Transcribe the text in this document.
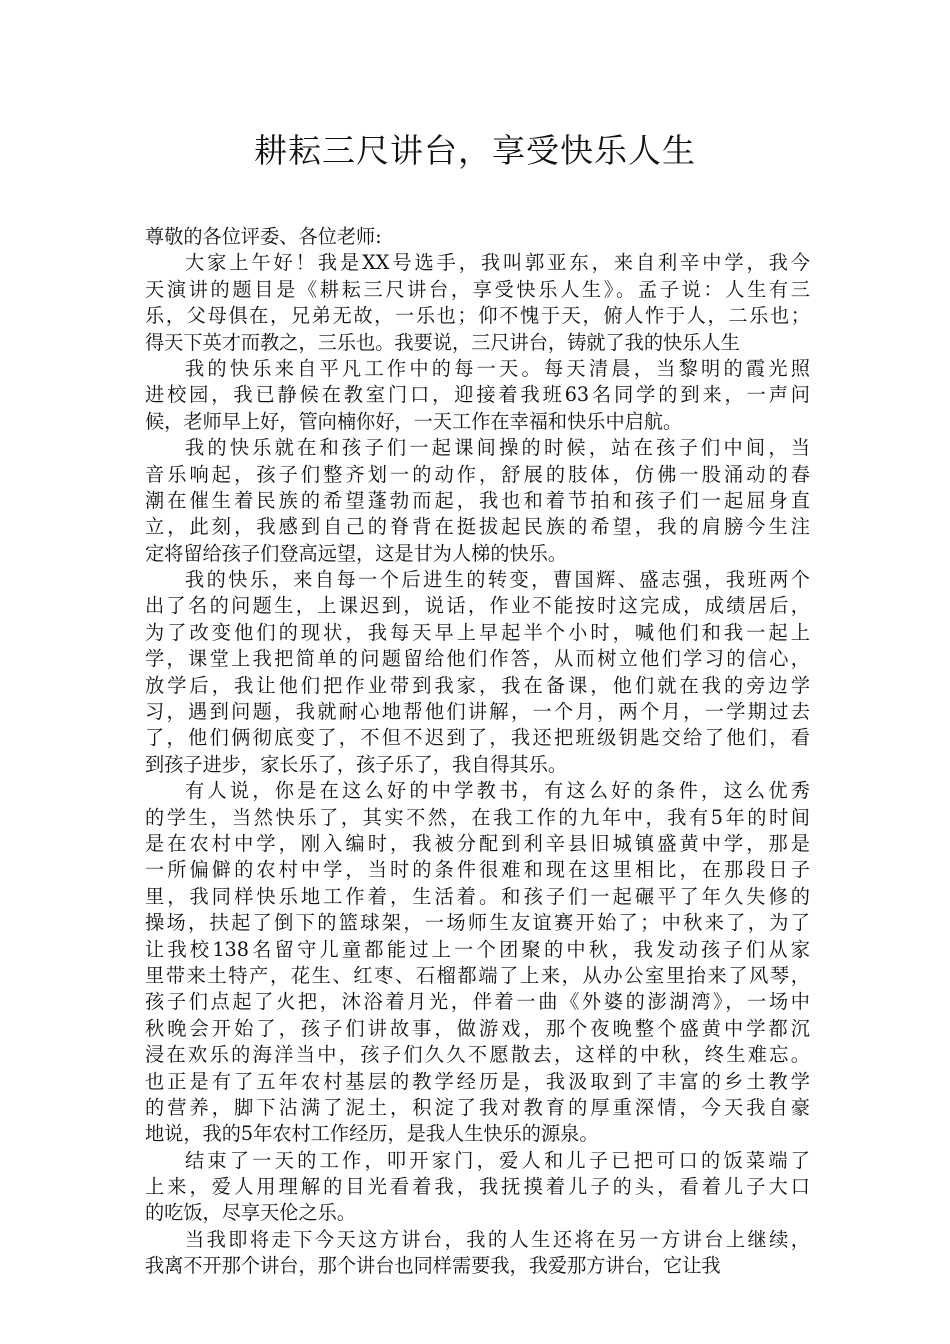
耕耘三尺讲台，享受快乐人生
尊敬的各位评委、各位老师:
大家上午好！我是XX号选手，我叫郭亚东，来自利辛中学，我今
天演讲的题目是《耕耘三尺讲台，享受快乐人生》。孟子说：人生有三
乐，父母俱在，兄弟无故，一乐也；仰不愧于天，俯人怍于人，二乐也；
得天下英才而教之，三乐也。我要说，三尺讲台，铸就了我的快乐人生
我的快乐来自平凡工作中的每一天。每天清晨，当黎明的霞光照
进校园，我已静候在教室门口，迎接着我班63名同学的到来，一声问
候，老师早上好，管向楠你好，一天工作在幸福和快乐中启航。
我的快乐就在和孩子们一起课间操的时候，站在孩子们中间，当
音乐响起，孩子们整齐划一的动作，舒展的肢体，仿佛一股涌动的春
潮在催生着民族的希望蓬勃而起，我也和着节拍和孩子们一起屈身直
立，此刻，我感到自己的脊背在挺拔起民族的希望，我的肩膀今生注
定将留给孩子们登高远望，这是甘为人梯的快乐。
我的快乐，来自每一个后进生的转变，曹国辉、盛志强，我班两个
出了名的问题生，上课迟到，说话，作业不能按时这完成，成绩居后，
为了改变他们的现状，我每天早上早起半个小时，喊他们和我一起上
学，课堂上我把简单的问题留给他们作答，从而树立他们学习的信心，
放学后，我让他们把作业带到我家，我在备课，他们就在我的旁边学
习，遇到问题，我就耐心地帮他们讲解，一个月，两个月，一学期过去
了，他们俩彻底变了，不但不迟到了，我还把班级钥匙交给了他们，看
到孩子进步，家长乐了，孩子乐了，我自得其乐。
有人说，你是在这么好的中学教书，有这么好的条件，这么优秀
的学生，当然快乐了，其实不然，在我工作的九年中，我有5年的时间
是在农村中学，刚入编时，我被分配到利辛县旧城镇盛黄中学，那是
一所偏僻的农村中学，当时的条件很难和现在这里相比，在那段日子
里，我同样快乐地工作着，生活着。和孩子们一起碾平了年久失修的
操场，扶起了倒下的篮球架，一场师生友谊赛开始了；中秋来了，为了
让我校138名留守儿童都能过上一个团聚的中秋，我发动孩子们从家
里带来土特产，花生、红枣、石榴都端了上来，从办公室里抬来了风琴，
孩子们点起了火把，沐浴着月光，伴着一曲《外婆的澎湖湾》，一场中
秋晚会开始了，孩子们讲故事，做游戏，那个夜晚整个盛黄中学都沉
浸在欢乐的海洋当中，孩子们久久不愿散去，这样的中秋，终生难忘。
也正是有了五年农村基层的教学经历是，我汲取到了丰富的乡土教学
的营养，脚下沾满了泥土，积淀了我对教育的厚重深情，今天我自豪
地说，我的5年农村工作经历，是我人生快乐的源泉。
结束了一天的工作，叩开家门，爱人和儿子已把可口的饭菜端了
上来，爱人用理解的目光看着我，我抚摸着儿子的头，看着儿子大口
的吃饭，尽享天伦之乐。
当我即将走下今天这方讲台，我的人生还将在另一方讲台上继续，
我离不开那个讲台，那个讲台也同样需要我，我爱那方讲台，它让我
